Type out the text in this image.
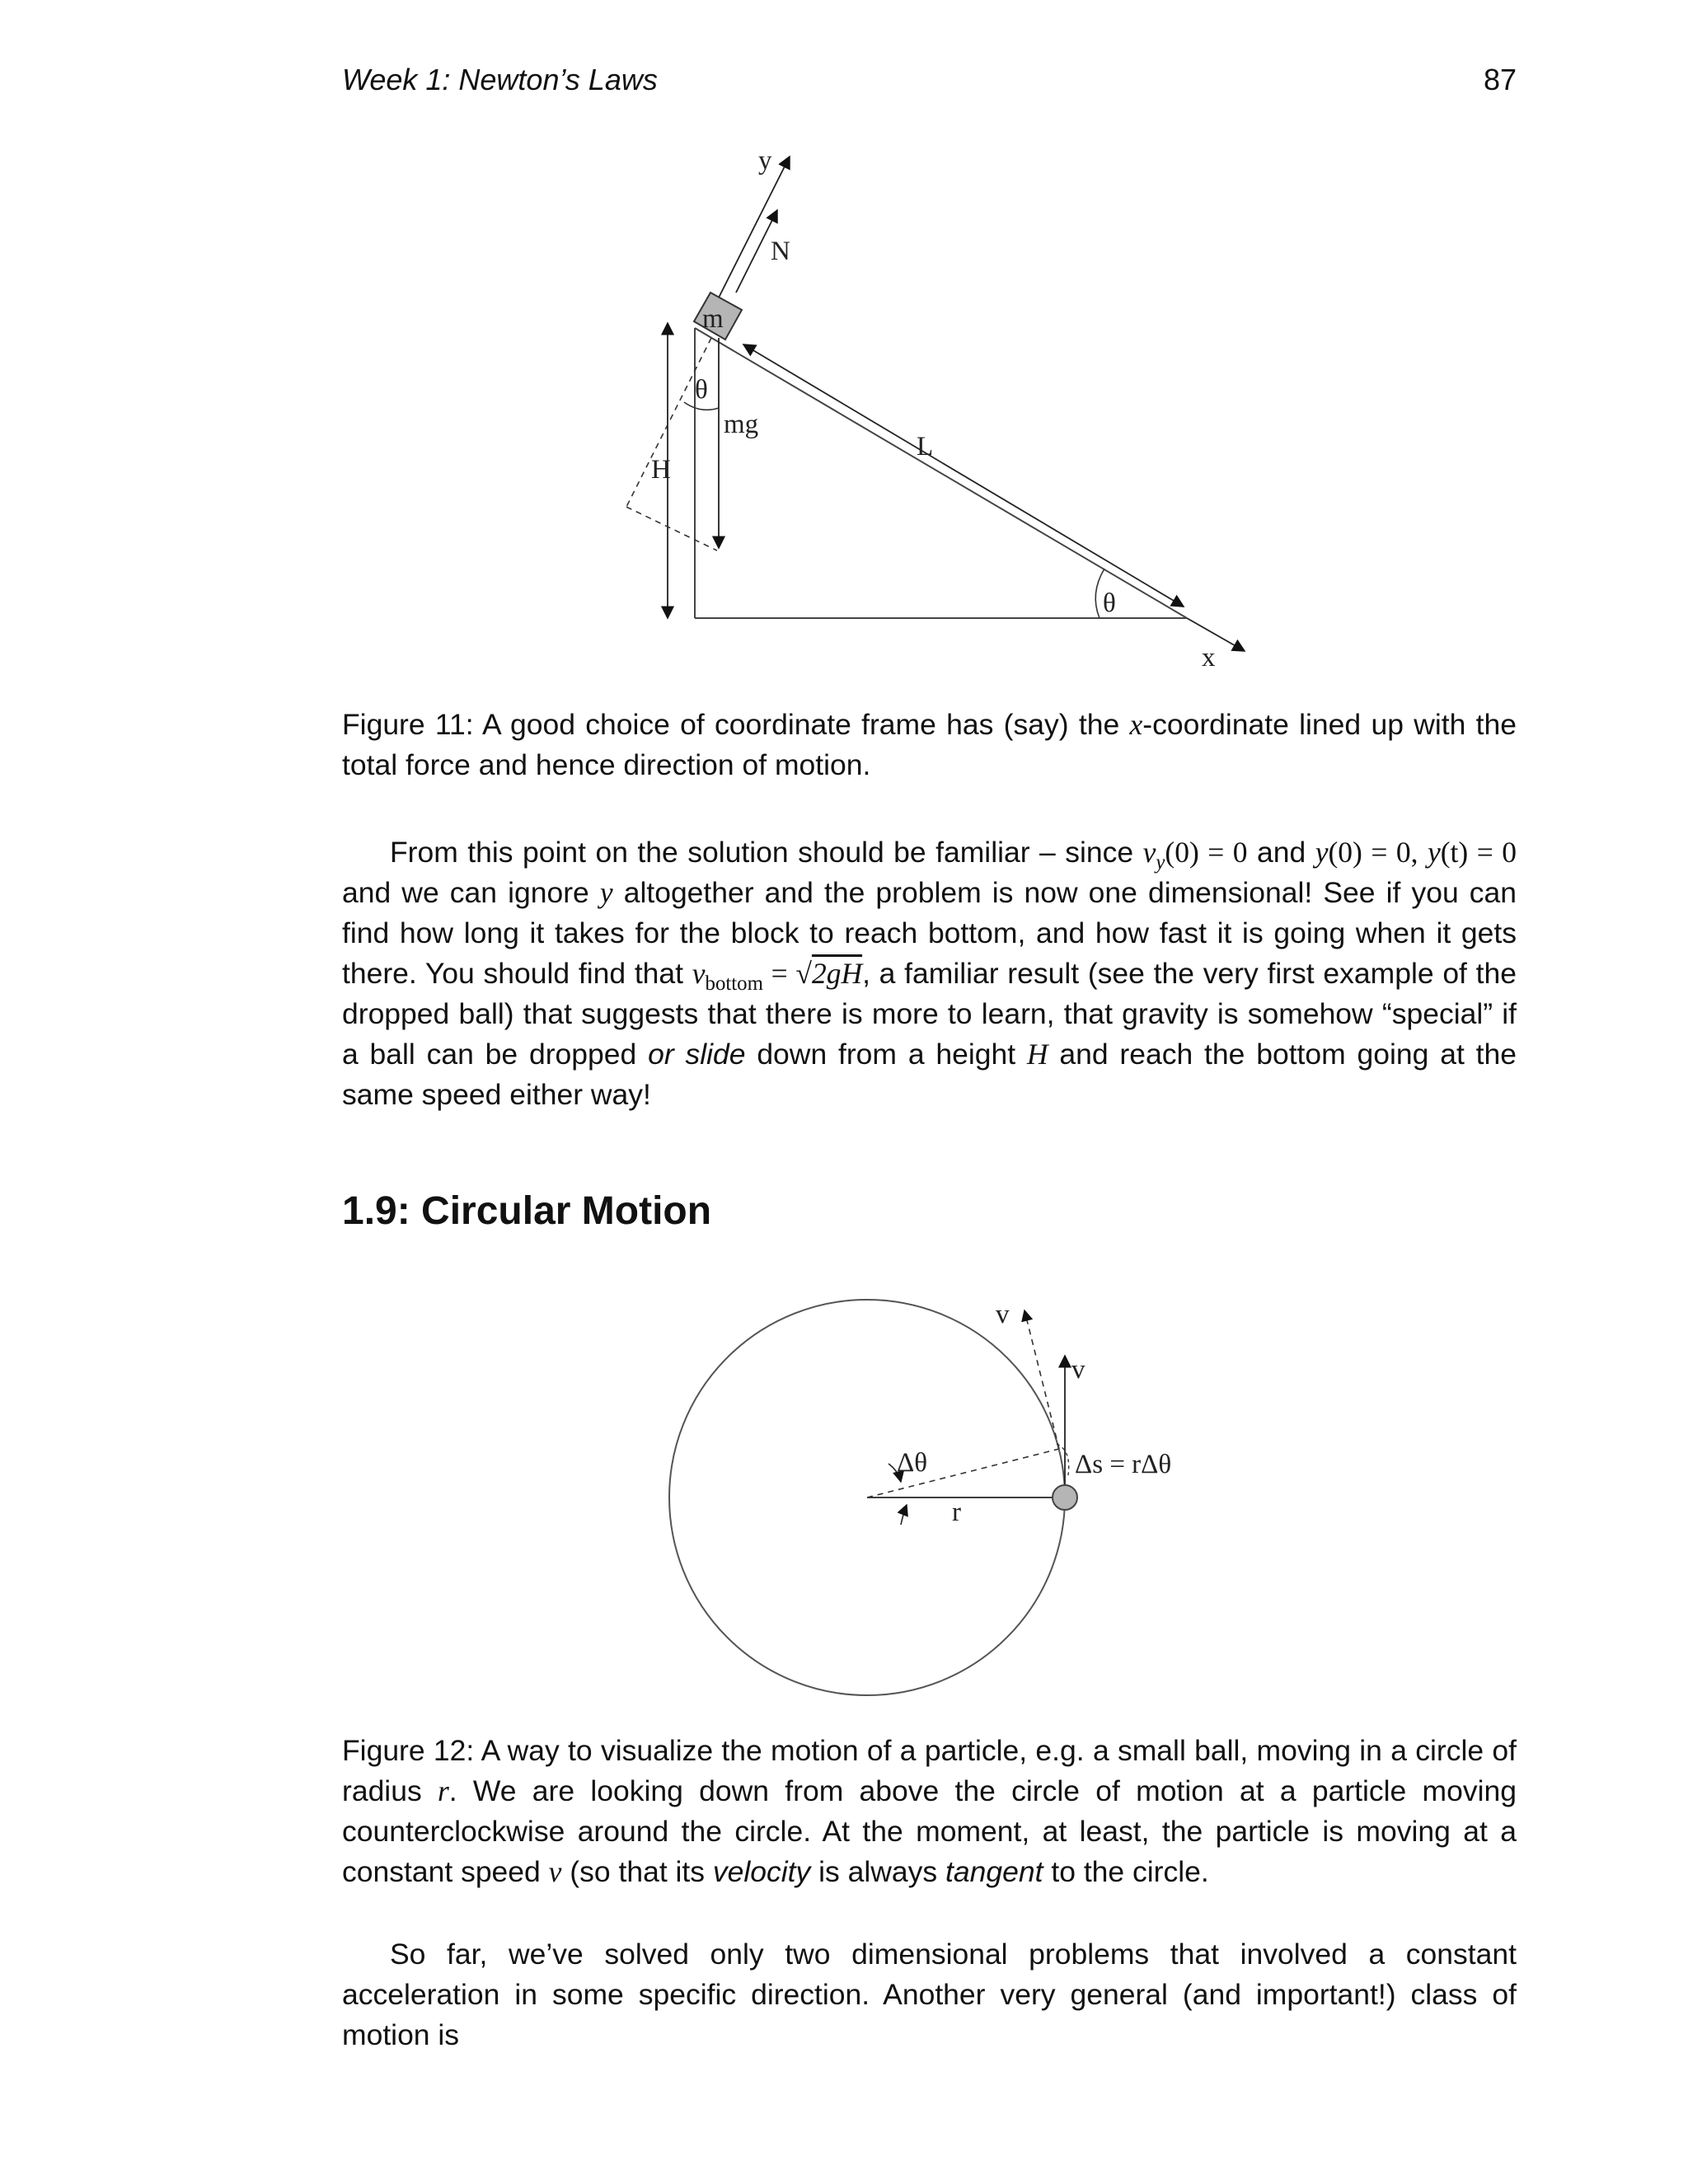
Week 1: Newton’s Laws	87
y
N
m
θ
mg
L
H
θ
x
Figure 11: A good choice of coordinate frame has (say) the x-coordinate lined up with the total force and hence direction of motion.

From this point on the solution should be familiar – since $v_y(0) = 0$ and y(0) = 0, y(t) = 0 and we can ignore y altogether and the problem is now one dimensional! See if you can find how long it takes for the block to reach bottom, and how fast it is going when it gets there. You should find that $v_{bottom} = √2gH$, a familiar result (see the very first example of the dropped ball) that suggests that there is more to learn, that gravity is somehow “special” if a ball can be dropped or slide down from a height H and reach the bottom going at the same speed either way!

1.9: Circular Motion
v
v
Δθ	Δs = rΔθ
r
Figure 12: A way to visualize the motion of a particle, e.g. a small ball, moving in a circle of radius r. We are looking down from above the circle of motion at a particle moving counterclockwise around the circle. At the moment, at least, the particle is moving at a constant speed v (so that its velocity is always tangent to the circle.

So far, we’ve solved only two dimensional problems that involved a constant acceleration in some specific direction. Another very general (and important!) class of motion is
